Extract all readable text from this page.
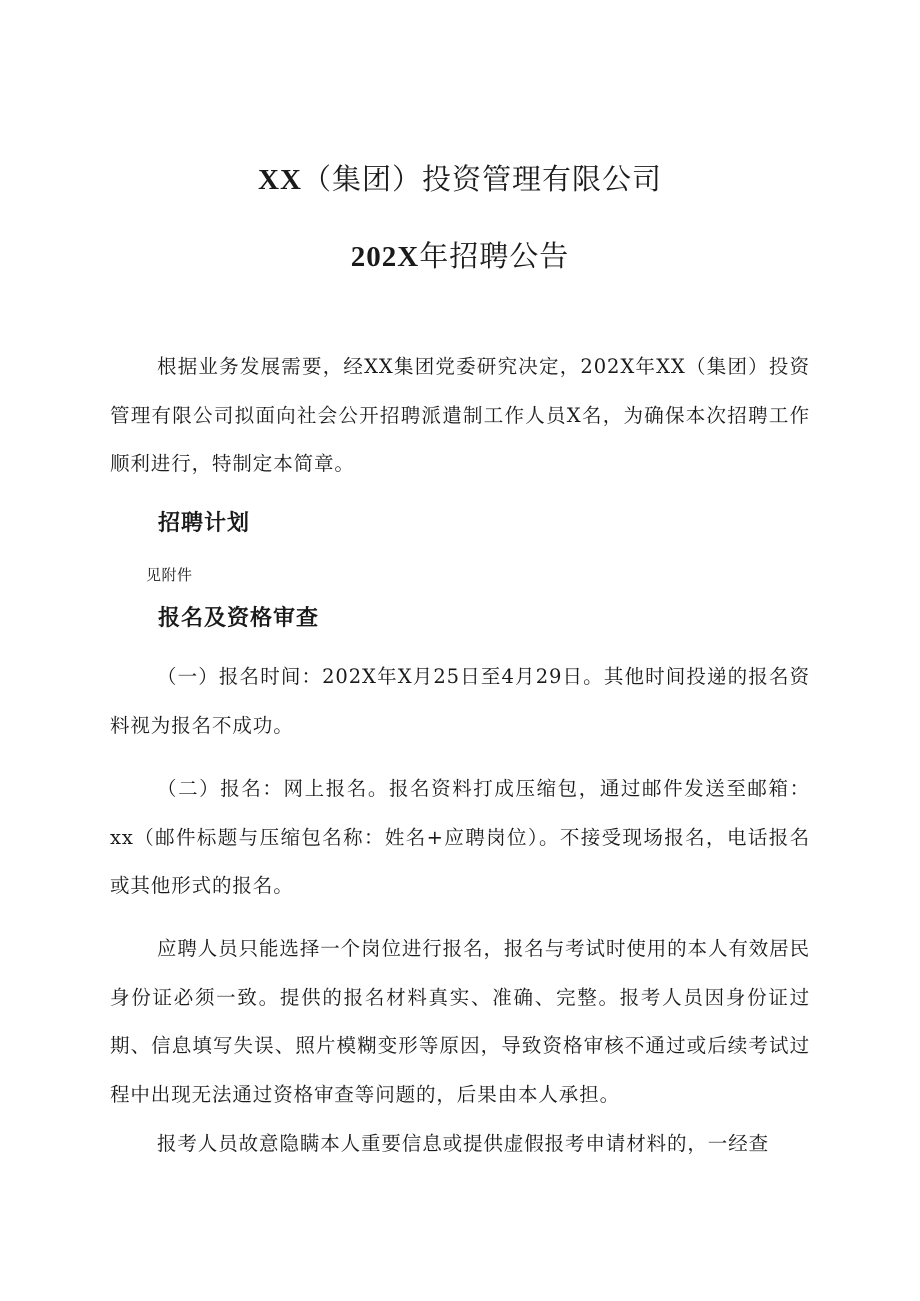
XX（集团）投资管理有限公司
202X年招聘公告

根据业务发展需要，经XX集团党委研究决定，202X年XX（集团）投资管理有限公司拟面向社会公开招聘派遣制工作人员X名，为确保本次招聘工作顺利进行，特制定本简章。

招聘计划

见附件

报名及资格审查

（一）报名时间：202X年X月25日至4月29日。其他时间投递的报名资料视为报名不成功。

（二）报名：网上报名。报名资料打成压缩包，通过邮件发送至邮箱：xx（邮件标题与压缩包名称：姓名+应聘岗位）。不接受现场报名，电话报名或其他形式的报名。

应聘人员只能选择一个岗位进行报名，报名与考试时使用的本人有效居民身份证必须一致。提供的报名材料真实、准确、完整。报考人员因身份证过期、信息填写失误、照片模糊变形等原因，导致资格审核不通过或后续考试过程中出现无法通过资格审查等问题的，后果由本人承担。

报考人员故意隐瞒本人重要信息或提供虚假报考申请材料的，一经查
